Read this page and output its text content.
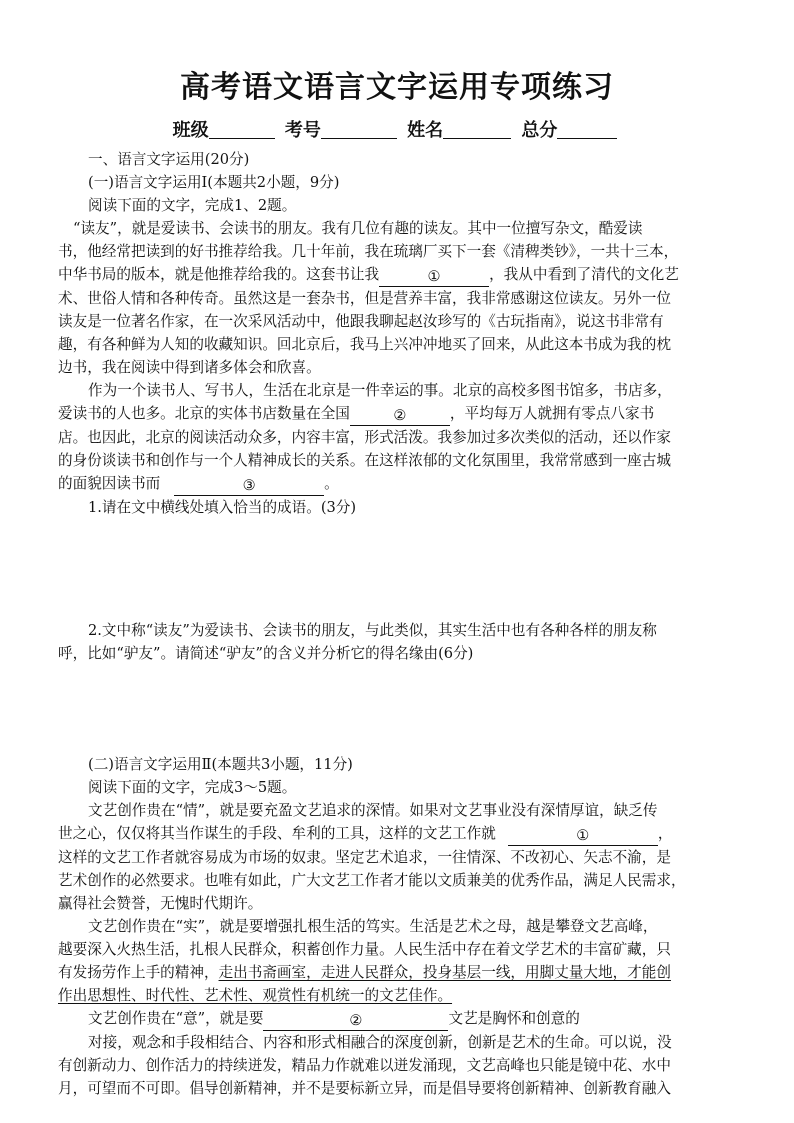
高考语文语言文字运用专项练习
班级	考号	姓名	总分
一、语言文字运用(20分)
(一)语言文字运用Ⅰ(本题共2小题，9分)
阅读下面的文字，完成1、2题。
“读友”，就是爱读书、会读书的朋友。我有几位有趣的读友。其中一位擅写杂文，酷爱读
书，他经常把读到的好书推荐给我。几十年前，我在琉璃厂买下一套《清稗类钞》，一共十三本，
中华书局的版本，就是他推荐给我的。这套书让我	①	，我从中看到了清代的文化艺
术、世俗人情和各种传奇。虽然这是一套杂书，但是营养丰富，我非常感谢这位读友。另外一位
读友是一位著名作家，在一次采风活动中，他跟我聊起赵汝珍写的《古玩指南》，说这书非常有
趣，有各种鲜为人知的收藏知识。回北京后，我马上兴冲冲地买了回来，从此这本书成为我的枕
边书，我在阅读中得到诸多体会和欣喜。
作为一个读书人、写书人，生活在北京是一件幸运的事。北京的高校多图书馆多，书店多，
爱读书的人也多。北京的实体书店数量在全国	②	，平均每万人就拥有零点八家书
店。也因此，北京的阅读活动众多，内容丰富，形式活泼。我参加过多次类似的活动，还以作家
的身份谈读书和创作与一个人精神成长的关系。在这样浓郁的文化氛围里，我常常感到一座古城
的面貌因读书而	③	。
1.请在文中横线处填入恰当的成语。(3分)
2.文中称“读友”为爱读书、会读书的朋友，与此类似，其实生活中也有各种各样的朋友称
呼，比如“驴友”。请简述“驴友”的含义并分析它的得名缘由(6分)
(二)语言文字运用Ⅱ(本题共3小题，11分)
阅读下面的文字，完成3～5题。
文艺创作贵在“情”，就是要充盈文艺追求的深情。如果对文艺事业没有深情厚谊，缺乏传
世之心，仅仅将其当作谋生的手段、牟利的工具，这样的文艺工作就	①	，
这样的文艺工作者就容易成为市场的奴隶。坚定艺术追求，一往情深、不改初心、矢志不渝，是
艺术创作的必然要求。也唯有如此，广大文艺工作者才能以文质兼美的优秀作品，满足人民需求，
赢得社会赞誉，无愧时代期许。
文艺创作贵在“实”，就是要增强扎根生活的笃实。生活是艺术之母，越是攀登文艺高峰，
越要深入火热生活，扎根人民群众，积蓄创作力量。人民生活中存在着文学艺术的丰富矿藏，只
有发扬劳作上手的精神，走出书斋画室，走进人民群众，投身基层一线，用脚丈量大地，才能创
作出思想性、时代性、艺术性、观赏性有机统一的文艺佳作。
文艺创作贵在“意”，就是要	②	文艺是胸怀和创意的
对接，观念和手段相结合、内容和形式相融合的深度创新，创新是艺术的生命。可以说，没
有创新动力、创作活力的持续迸发，精品力作就难以迸发涌现，文艺高峰也只能是镜中花、水中
月，可望而不可即。倡导创新精神，并不是要标新立异，而是倡导要将创新精神、创新教育融入
